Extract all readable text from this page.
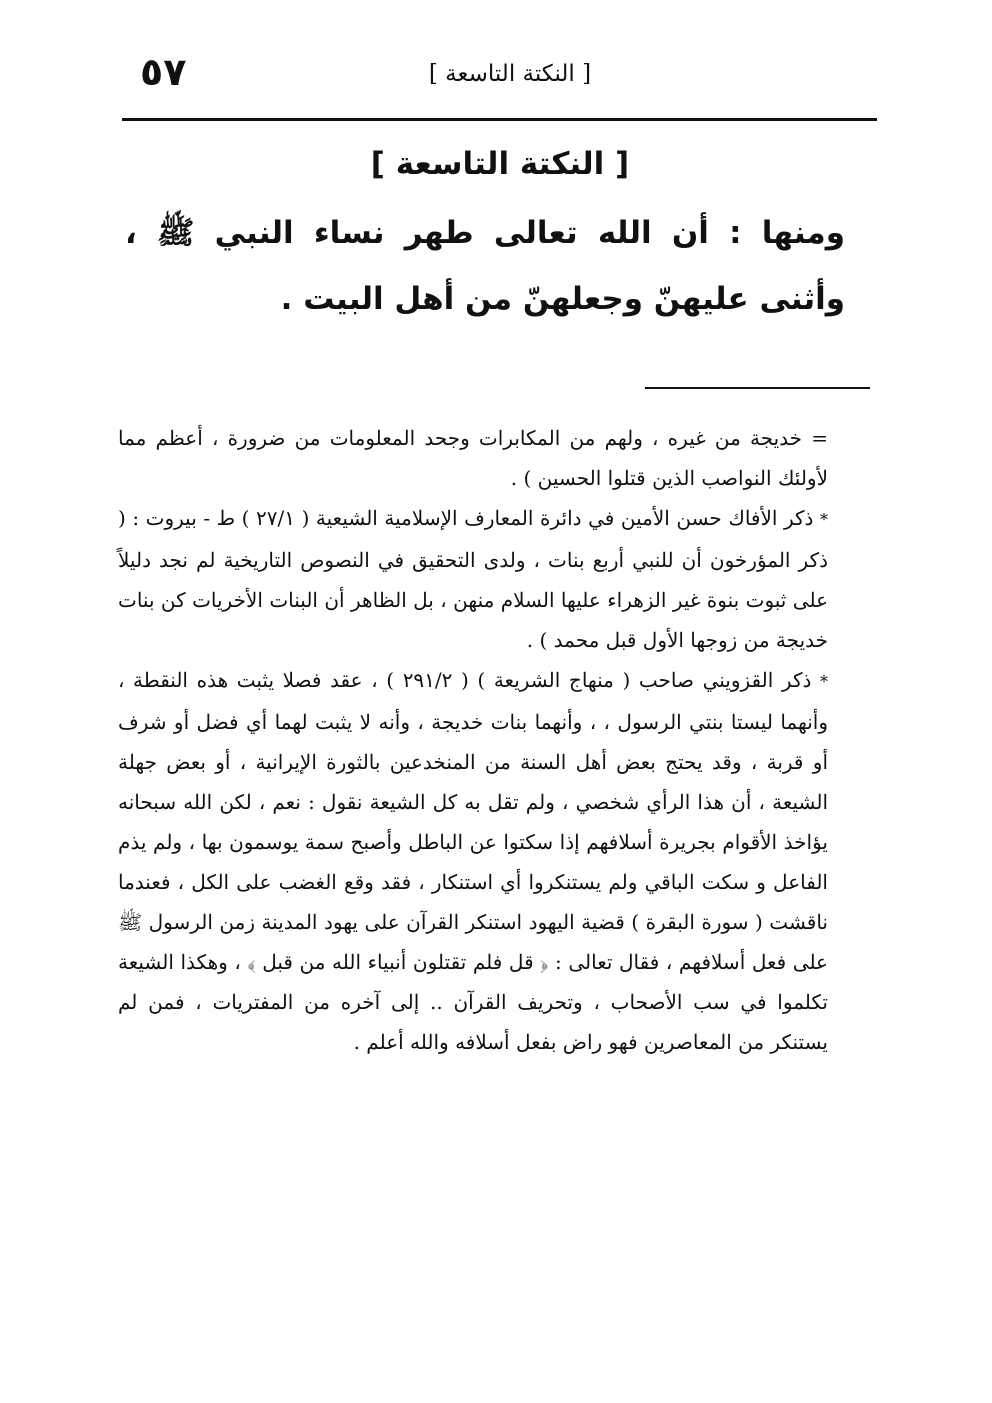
٥٧	[ النكتة التاسعة ]
[ النكتة التاسعة ]
ومنها : أن الله تعالى طهر نساء النبي ﷺ ، وأثنى عليهنّ وجعلهنّ من أهل البيت .

= خديجة من غيره ، ولهم من المكابرات وجحد المعلومات من ضرورة ، أعظم مما لأولئك النواصب الذين قتلوا الحسين ) .

* ذكر الأفاك حسن الأمين في دائرة المعارف الإسلامية الشيعية ( ٢٧/١ ) ط - بيروت : ( ذكر المؤرخون أن للنبي أربع بنات ، ولدى التحقيق في النصوص التاريخية لم نجد دليلاً على ثبوت بنوة غير الزهراء عليها السلام منهن ، بل الظاهر أن البنات الأخريات كن بنات خديجة من زوجها الأول قبل محمد ) .

* ذكر القزويني صاحب ( منهاج الشريعة ) ( ٢٩١/٢ ) ، عقد فصلا يثبت هذه النقطة ، وأنهما ليستا بنتي الرسول ، ، وأنهما بنات خديجة ، وأنه لا يثبت لهما أي فضل أو شرف أو قربة ، وقد يحتج بعض أهل السنة من المنخدعين بالثورة الإيرانية ، أو بعض جهلة الشيعة ، أن هذا الرأي شخصي ، ولم تقل به كل الشيعة نقول : نعم ، لكن الله سبحانه يؤاخذ الأقوام بجريرة أسلافهم إذا سكتوا عن الباطل وأصبح سمة يوسمون بها ، ولم يذم الفاعل و سكت الباقي ولم يستنكروا أي استنكار ، فقد وقع الغضب على الكل ، فعندما ناقشت ( سورة البقرة ) قضية اليهود استنكر القرآن على يهود المدينة زمن الرسول ﷺ على فعل أسلافهم ، فقال تعالى : ﴿ قل فلم تقتلون أنبياء الله من قبل ﴾ ، وهكذا الشيعة تكلموا في سب الأصحاب ، وتحريف القرآن .. إلى آخره من المفتريات ، فمن لم يستنكر من المعاصرين فهو راض بفعل أسلافه والله أعلم .
